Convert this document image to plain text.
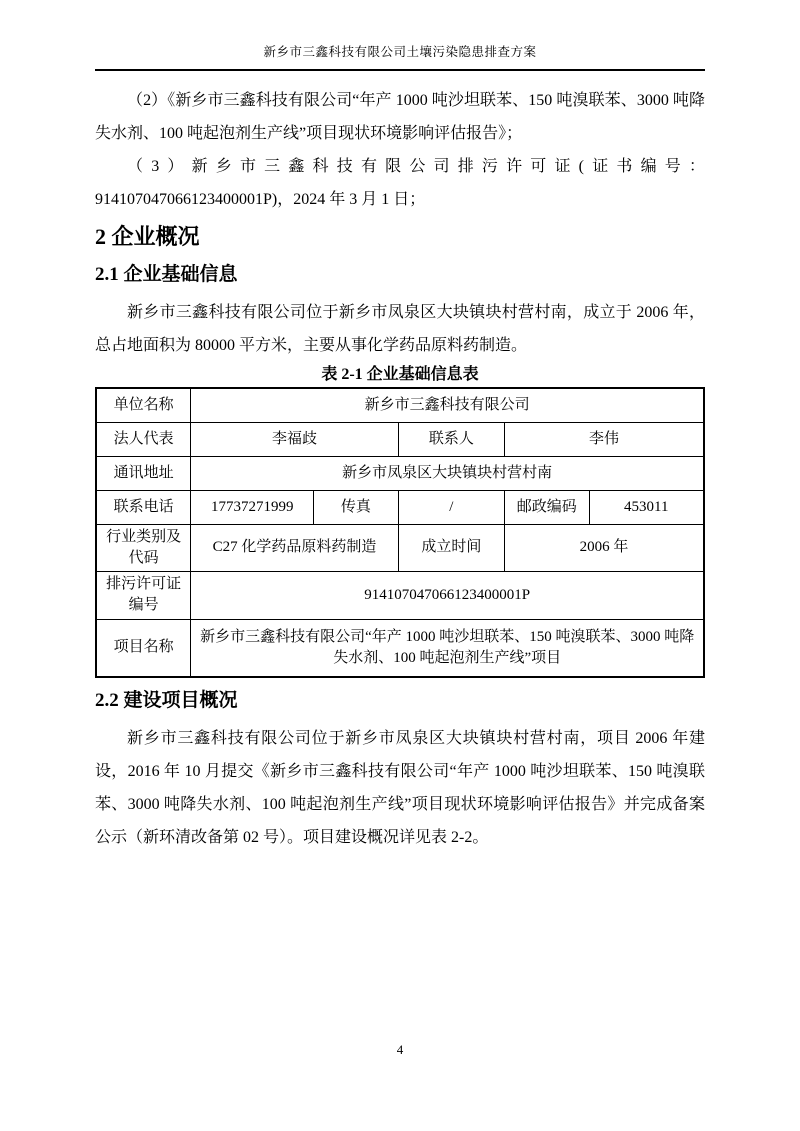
新乡市三鑫科技有限公司土壤污染隐患排查方案

（2）《新乡市三鑫科技有限公司“年产 1000 吨沙坦联苯、150 吨溴联苯、3000 吨降失水剂、100 吨起泡剂生产线”项目现状环境影响评估报告》；

（3）新乡市三鑫科技有限公司排污许可证(证书编号：914107047066123400001P)，2024 年 3 月 1 日；

2 企业概况
2.1 企业基础信息

新乡市三鑫科技有限公司位于新乡市凤泉区大块镇块村营村南，成立于 2006 年，总占地面积为 80000 平方米，主要从事化学药品原料药制造。

表 2-1 企业基础信息表
单位名称	新乡市三鑫科技有限公司				
法人代表	李福歧		联系人	李伟	
通讯地址	新乡市凤泉区大块镇块村营村南				
联系电话	17737271999	传真	/	邮政编码	453011
行业类别及代码	C27 化学药品原料药制造		成立时间	2006 年	
排污许可证编号	914107047066123400001P				
项目名称	新乡市三鑫科技有限公司“年产 1000 吨沙坦联苯、150 吨溴联苯、3000 吨降失水剂、100 吨起泡剂生产线”项目				
2.2 建设项目概况

新乡市三鑫科技有限公司位于新乡市凤泉区大块镇块村营村南，项目 2006 年建设，2016 年 10 月提交《新乡市三鑫科技有限公司“年产 1000 吨沙坦联苯、150 吨溴联苯、3000 吨降失水剂、100 吨起泡剂生产线”项目现状环境影响评估报告》并完成备案公示（新环清改备第 02 号）。项目建设概况详见表 2-2。

4
